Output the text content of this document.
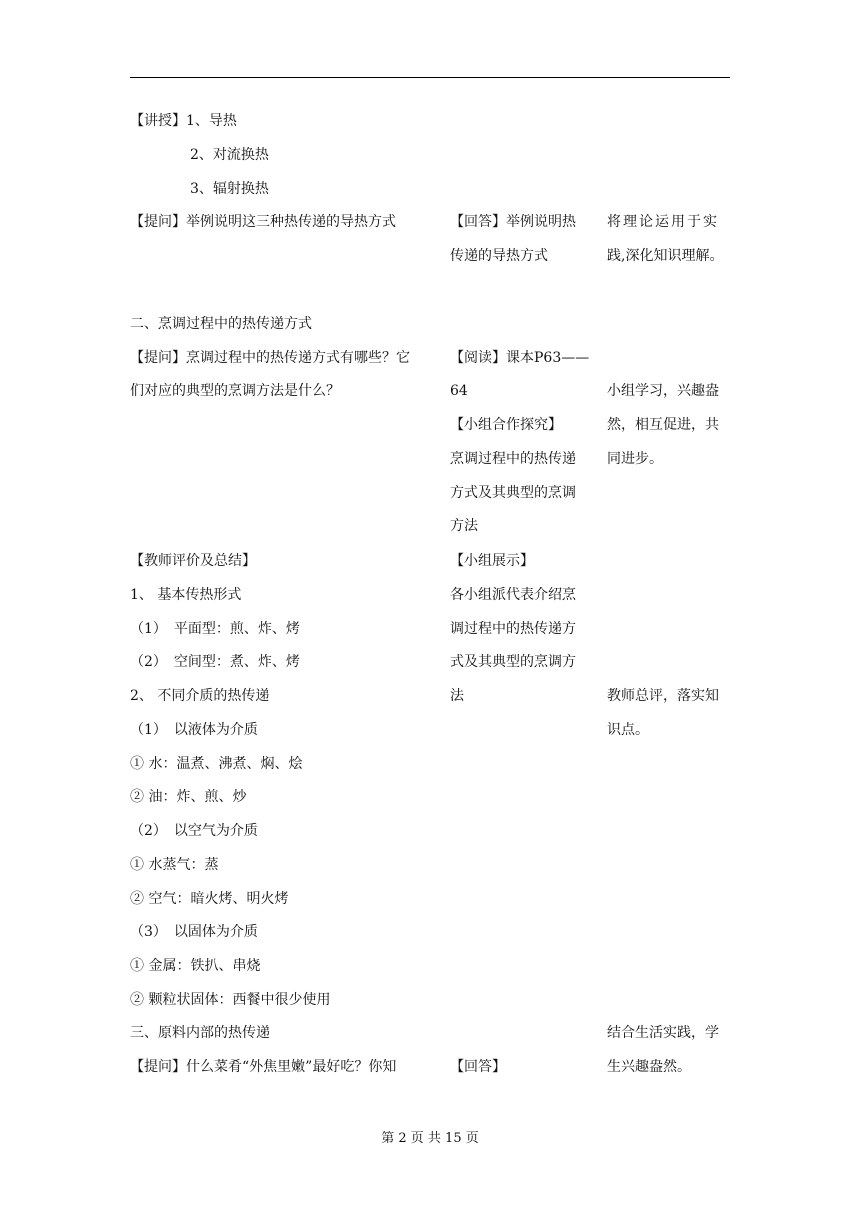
【讲授】1、导热
2、对流换热
3、辐射换热
【提问】举例说明这三种热传递的导热方式
二、烹调过程中的热传递方式
【提问】烹调过程中的热传递方式有哪些？它
们对应的典型的烹调方法是什么？
【教师评价及总结】
1、 基本传热形式
（1）　平面型：煎、炸、烤
（2）　空间型：煮、炸、烤
2、 不同介质的热传递
（1）　以液体为介质
① 水：温煮、沸煮、焖、烩
② 油：炸、煎、炒
（2）　以空气为介质
① 水蒸气：蒸
② 空气：暗火烤、明火烤
（3）　以固体为介质
① 金属：铁扒、串烧
② 颗粒状固体：西餐中很少使用
三、原料内部的热传递
【提问】什么菜肴“外焦里嫩”最好吃？你知
【回答】举例说明热
传递的导热方式
【阅读】课本P63——
64
【小组合作探究】
烹调过程中的热传递
方式及其典型的烹调
方法
【小组展示】
各小组派代表介绍烹
调过程中的热传递方
式及其典型的烹调方
法
【回答】
将理论运用于实
践,深化知识理解。
小组学习，兴趣盎
然，相互促进，共
同进步。
教师总评，落实知
识点。
结合生活实践，学
生兴趣盎然。
第 2 页 共 15 页
